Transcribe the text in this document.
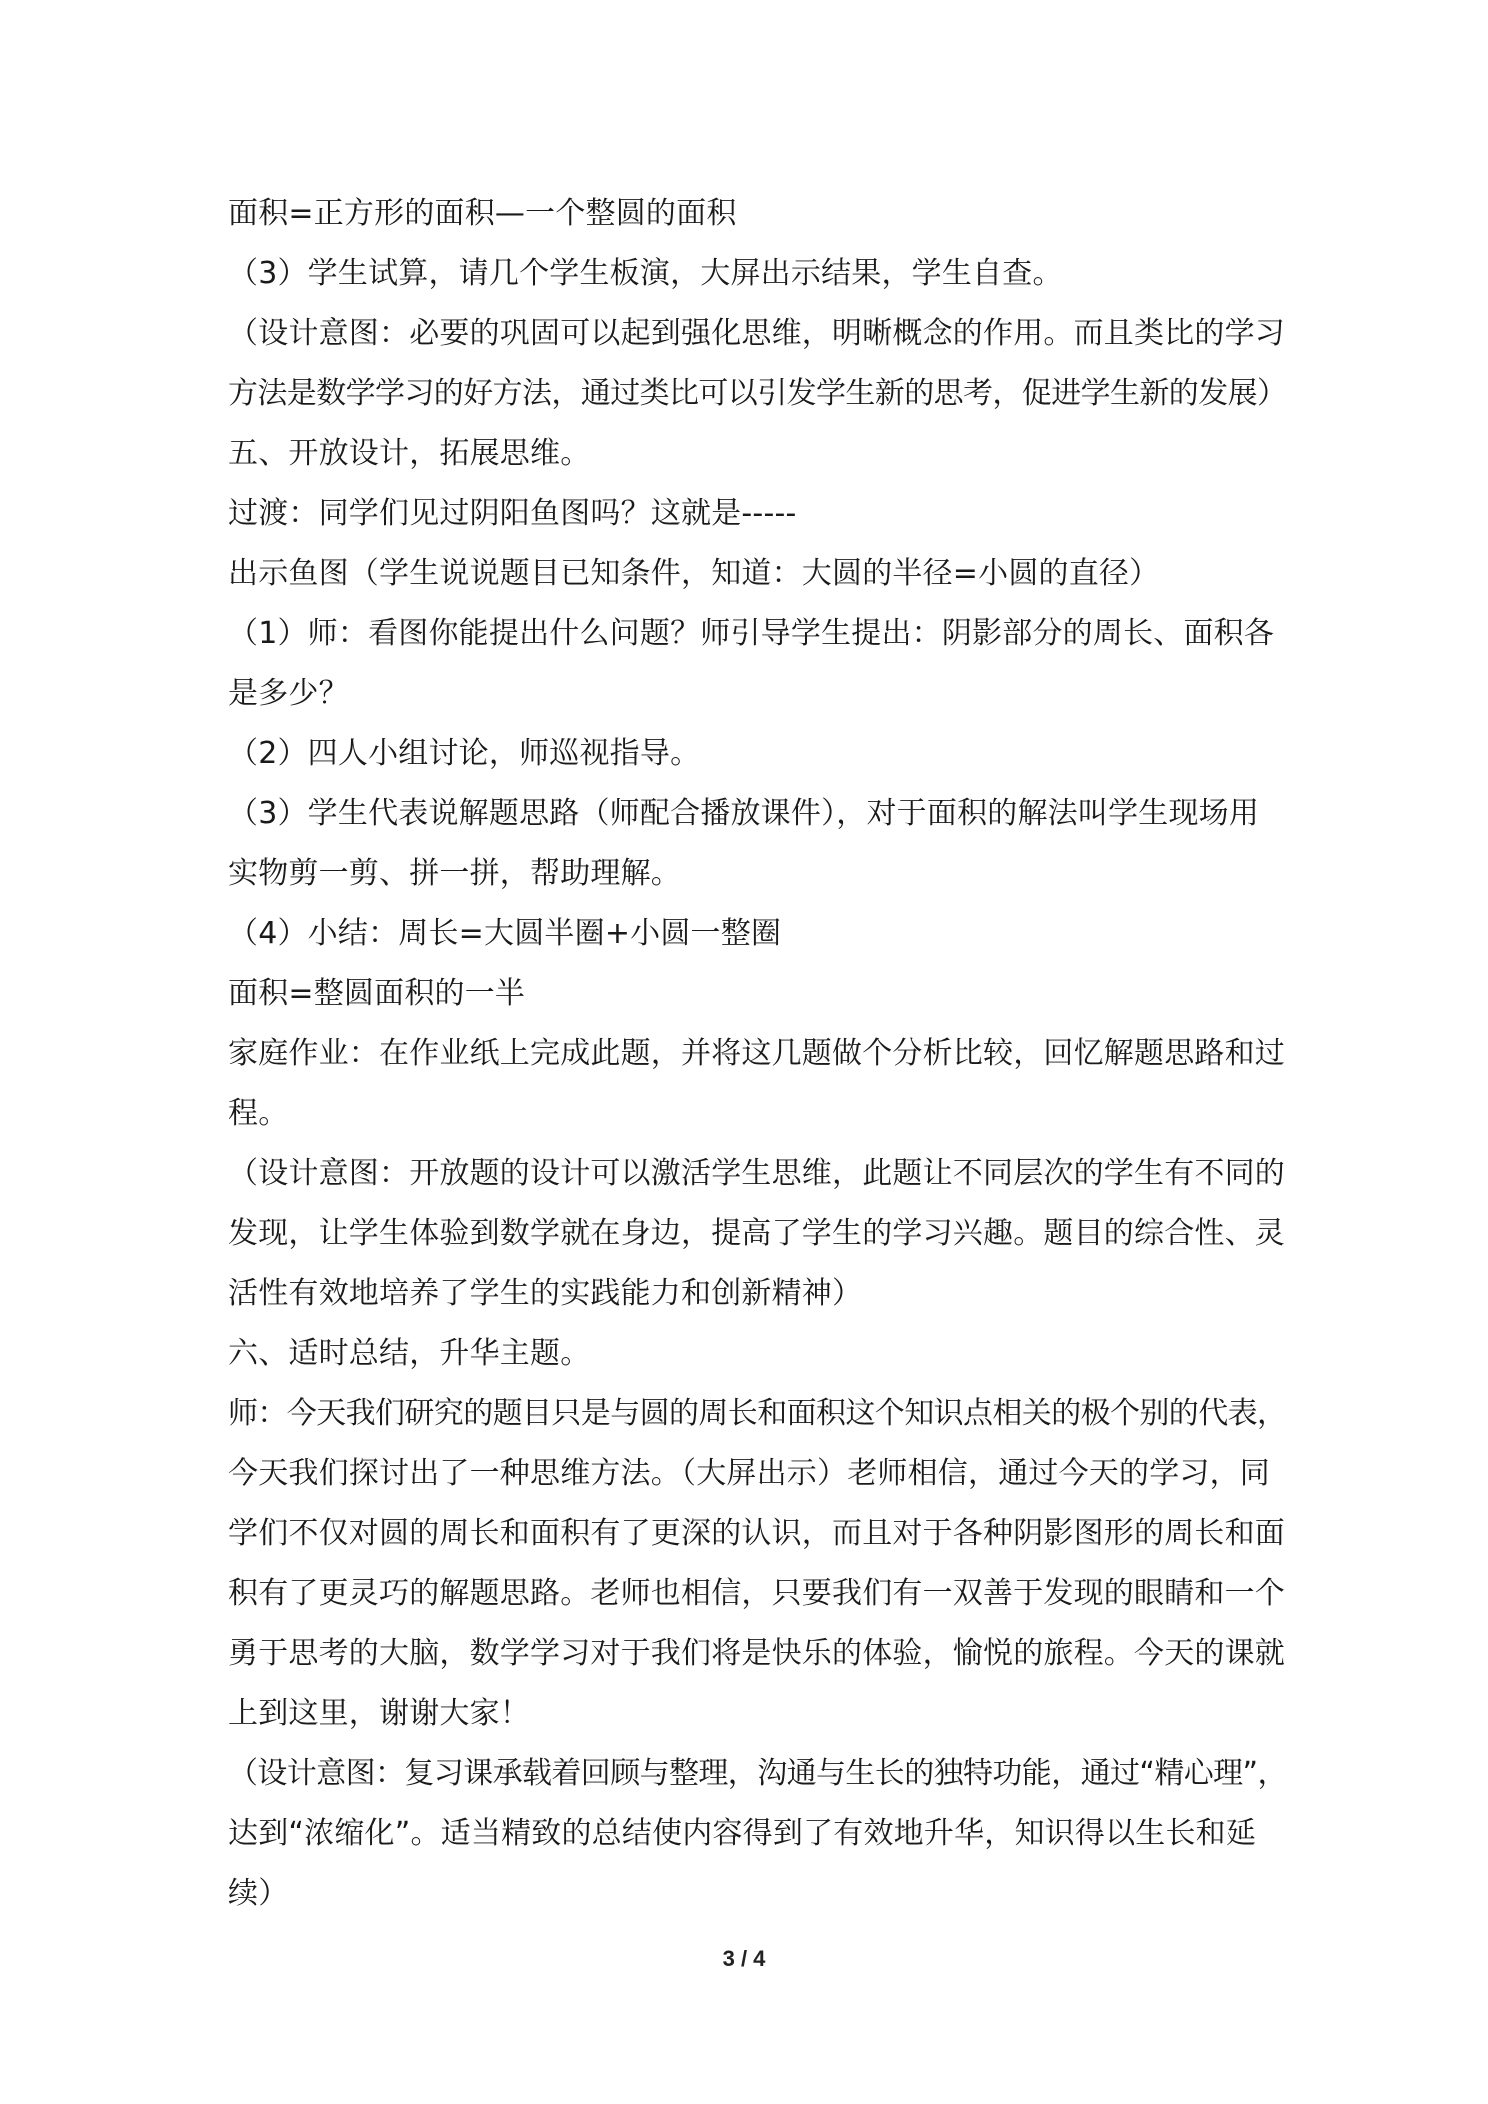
面积=正方形的面积—一个整圆的面积
（3）学生试算，请几个学生板演，大屏出示结果，学生自查。
（设计意图：必要的巩固可以起到强化思维，明晰概念的作用。而且类比的学习
方法是数学学习的好方法，通过类比可以引发学生新的思考，促进学生新的发展）
五、开放设计，拓展思维。
过渡：同学们见过阴阳鱼图吗？这就是-----
出示鱼图（学生说说题目已知条件，知道：大圆的半径=小圆的直径）
（1）师：看图你能提出什么问题？师引导学生提出：阴影部分的周长、面积各
是多少？
（2）四人小组讨论，师巡视指导。
（3）学生代表说解题思路（师配合播放课件），对于面积的解法叫学生现场用
实物剪一剪、拼一拼，帮助理解。
（4）小结：周长=大圆半圈+小圆一整圈
面积=整圆面积的一半
家庭作业：在作业纸上完成此题，并将这几题做个分析比较，回忆解题思路和过
程。
（设计意图：开放题的设计可以激活学生思维，此题让不同层次的学生有不同的
发现，让学生体验到数学就在身边，提高了学生的学习兴趣。题目的综合性、灵
活性有效地培养了学生的实践能力和创新精神）
六、适时总结，升华主题。
师：今天我们研究的题目只是与圆的周长和面积这个知识点相关的极个别的代表，
今天我们探讨出了一种思维方法。（大屏出示）老师相信，通过今天的学习，同
学们不仅对圆的周长和面积有了更深的认识，而且对于各种阴影图形的周长和面
积有了更灵巧的解题思路。老师也相信，只要我们有一双善于发现的眼睛和一个
勇于思考的大脑，数学学习对于我们将是快乐的体验，愉悦的旅程。今天的课就
上到这里，谢谢大家！
（设计意图：复习课承载着回顾与整理，沟通与生长的独特功能，通过“精心理”，
达到“浓缩化”。适当精致的总结使内容得到了有效地升华，知识得以生长和延
续）
3 / 4
